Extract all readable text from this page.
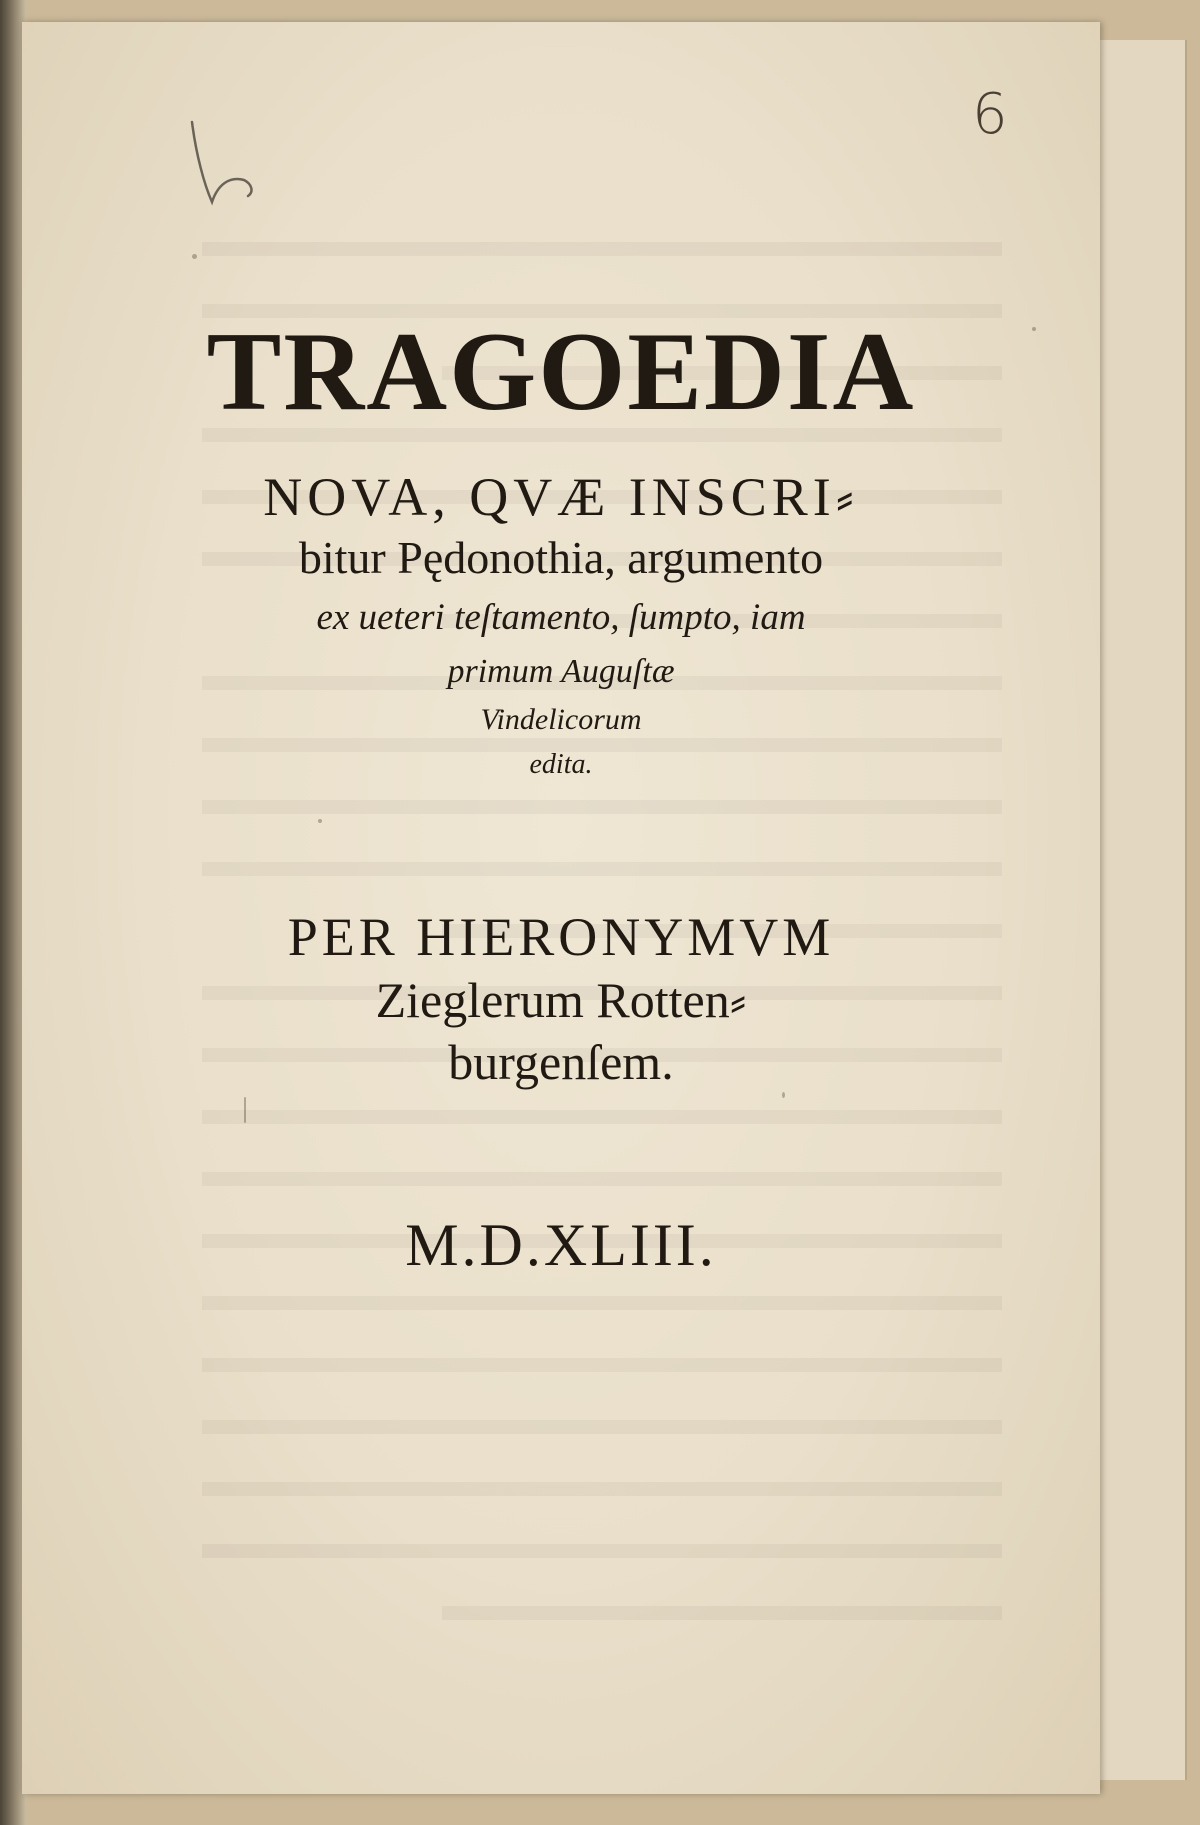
6
TRAGOEDIA
NOVA, QVÆ INSCRI⸗
bitur Pędonothia, argumento
ex ueteri teſtamento, ſumpto, iam
primum Auguſtæ
Vindelicorum
edita.
PER HIERONYMVM
Zieglerum Rotten⸗
burgenſem.
M.D.XLIII.
